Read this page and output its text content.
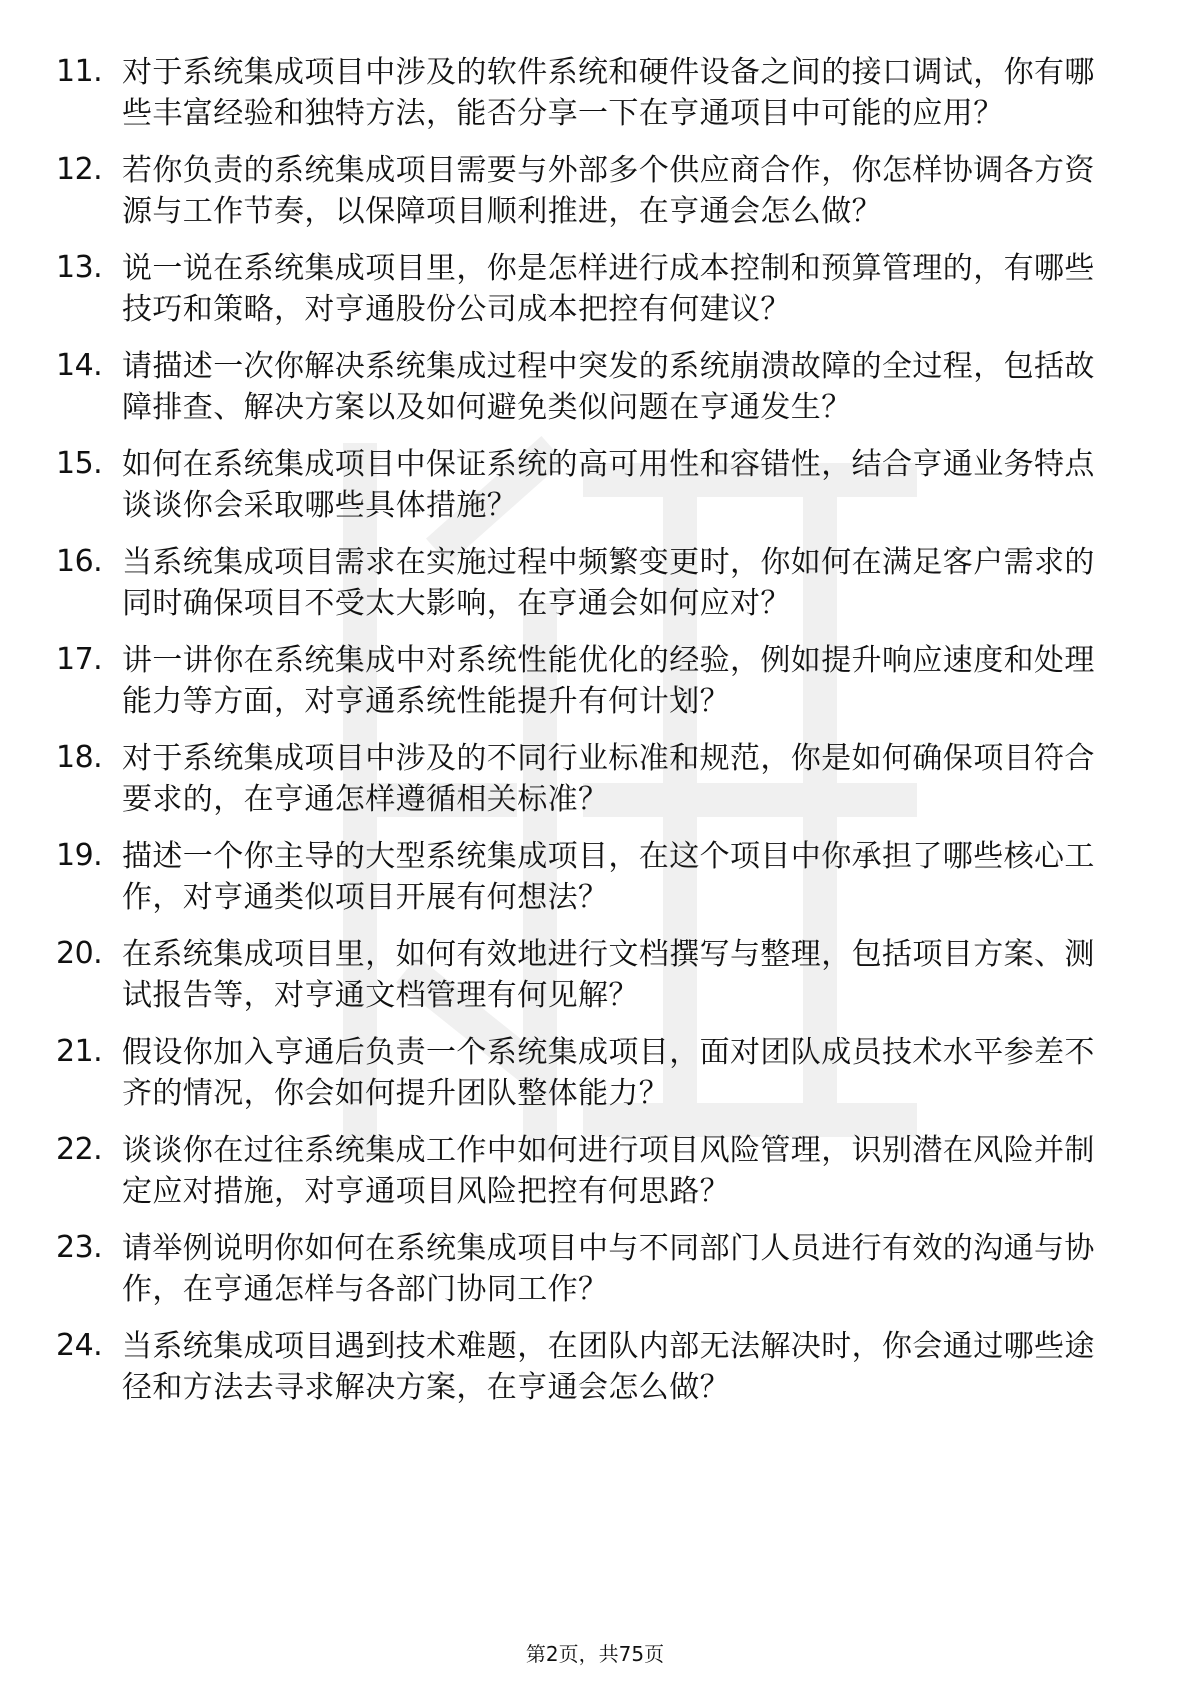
11. 对于系统集成项目中涉及的软件系统和硬件设备之间的接口调试，你有哪些丰富经验和独特方法，能否分享一下在亨通项目中可能的应用？
12. 若你负责的系统集成项目需要与外部多个供应商合作，你怎样协调各方资源与工作节奏，以保障项目顺利推进，在亨通会怎么做？
13. 说一说在系统集成项目里，你是怎样进行成本控制和预算管理的，有哪些技巧和策略，对亨通股份公司成本把控有何建议？
14. 请描述一次你解决系统集成过程中突发的系统崩溃故障的全过程，包括故障排查、解决方案以及如何避免类似问题在亨通发生？
15. 如何在系统集成项目中保证系统的高可用性和容错性，结合亨通业务特点谈谈你会采取哪些具体措施？
16. 当系统集成项目需求在实施过程中频繁变更时，你如何在满足客户需求的同时确保项目不受太大影响，在亨通会如何应对？
17. 讲一讲你在系统集成中对系统性能优化的经验，例如提升响应速度和处理能力等方面，对亨通系统性能提升有何计划？
18. 对于系统集成项目中涉及的不同行业标准和规范，你是如何确保项目符合要求的，在亨通怎样遵循相关标准？
19. 描述一个你主导的大型系统集成项目，在这个项目中你承担了哪些核心工作，对亨通类似项目开展有何想法？
20. 在系统集成项目里，如何有效地进行文档撰写与整理，包括项目方案、测试报告等，对亨通文档管理有何见解？
21. 假设你加入亨通后负责一个系统集成项目，面对团队成员技术水平参差不齐的情况，你会如何提升团队整体能力？
22. 谈谈你在过往系统集成工作中如何进行项目风险管理，识别潜在风险并制定应对措施，对亨通项目风险把控有何思路？
23. 请举例说明你如何在系统集成项目中与不同部门人员进行有效的沟通与协作，在亨通怎样与各部门协同工作？
24. 当系统集成项目遇到技术难题，在团队内部无法解决时，你会通过哪些途径和方法去寻求解决方案，在亨通会怎么做？
第2页，共75页
